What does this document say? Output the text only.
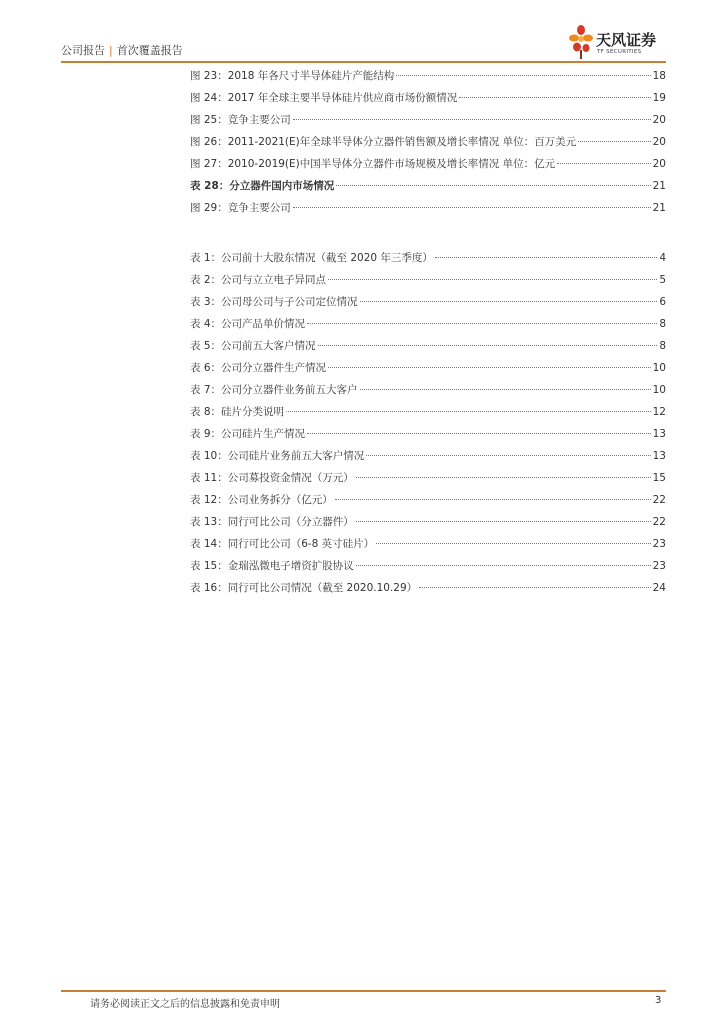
公司报告 | 首次覆盖报告
天风证券
TF SECURITIES
图 23：2018 年各尺寸半导体硅片产能结构	18
图 24：2017 年全球主要半导体硅片供应商市场份额情况	19
图 25：竞争主要公司	20
图 26：2011-2021(E)年全球半导体分立器件销售额及增长率情况 单位：百万美元	20
图 27：2010-2019(E)中国半导体分立器件市场规模及增长率情况 单位：亿元	20
表 28：分立器件国内市场情况	21
图 29：竞争主要公司	21
表 1：公司前十大股东情况（截至 2020 年三季度）	4
表 2：公司与立立电子异同点	5
表 3：公司母公司与子公司定位情况	6
表 4：公司产品单价情况	8
表 5：公司前五大客户情况	8
表 6：公司分立器件生产情况	10
表 7：公司分立器件业务前五大客户	10
表 8：硅片分类说明	12
表 9：公司硅片生产情况	13
表 10：公司硅片业务前五大客户情况	13
表 11：公司募投资金情况（万元）	15
表 12：公司业务拆分（亿元）	22
表 13：同行可比公司（分立器件）	22
表 14：同行可比公司（6-8 英寸硅片）	23
表 15：金瑞泓微电子增资扩股协议	23
表 16：同行可比公司情况（截至 2020.10.29）	24
请务必阅读正文之后的信息披露和免责申明	3
